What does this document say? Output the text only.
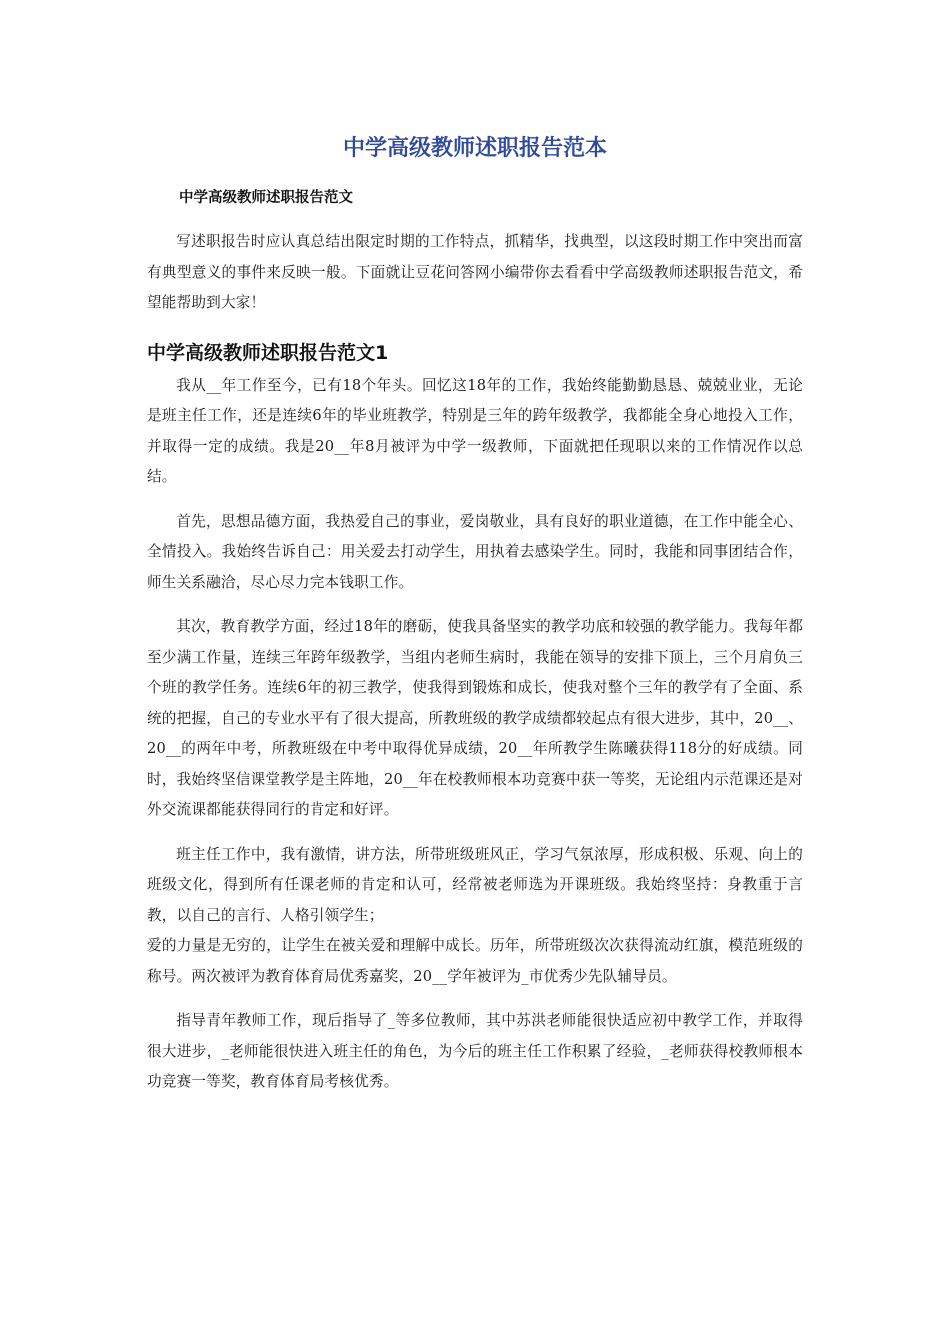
中学高级教师述职报告范本
中学高级教师述职报告范文

写述职报告时应认真总结出限定时期的工作特点，抓精华，找典型，以这段时期工作中突出而富有典型意义的事件来反映一般。下面就让豆花问答网小编带你去看看中学高级教师述职报告范文，希望能帮助到大家！

中学高级教师述职报告范文1

我从__年工作至今，已有18个年头。回忆这18年的工作，我始终能勤勤恳恳、兢兢业业，无论是班主任工作，还是连续6年的毕业班教学，特别是三年的跨年级教学，我都能全身心地投入工作，并取得一定的成绩。我是20__年8月被评为中学一级教师，下面就把任现职以来的工作情况作以总结。

首先，思想品德方面，我热爱自己的事业，爱岗敬业，具有良好的职业道德，在工作中能全心、全情投入。我始终告诉自己：用关爱去打动学生，用执着去感染学生。同时，我能和同事团结合作，师生关系融洽，尽心尽力完本钱职工作。

其次，教育教学方面，经过18年的磨砺，使我具备坚实的教学功底和较强的教学能力。我每年都至少满工作量，连续三年跨年级教学，当组内老师生病时，我能在领导的安排下顶上，三个月肩负三个班的教学任务。连续6年的初三教学，使我得到锻炼和成长，使我对整个三年的教学有了全面、系统的把握，自己的专业水平有了很大提高，所教班级的教学成绩都较起点有很大进步，其中，20__、20__的两年中考，所教班级在中考中取得优异成绩，20__年所教学生陈曦获得118分的好成绩。同时，我始终坚信课堂教学是主阵地，20__年在校教师根本功竞赛中获一等奖，无论组内示范课还是对外交流课都能获得同行的肯定和好评。

班主任工作中，我有激情，讲方法，所带班级班风正，学习气氛浓厚，形成积极、乐观、向上的班级文化，得到所有任课老师的肯定和认可，经常被老师选为开课班级。我始终坚持：身教重于言教，以自己的言行、人格引领学生；

爱的力量是无穷的，让学生在被关爱和理解中成长。历年，所带班级次次获得流动红旗，模范班级的称号。两次被评为教育体育局优秀嘉奖，20__学年被评为_市优秀少先队辅导员。

指导青年教师工作，现后指导了_等多位教师，其中苏洪老师能很快适应初中教学工作，并取得很大进步，_老师能很快进入班主任的角色，为今后的班主任工作积累了经验，_老师获得校教师根本功竞赛一等奖，教育体育局考核优秀。
